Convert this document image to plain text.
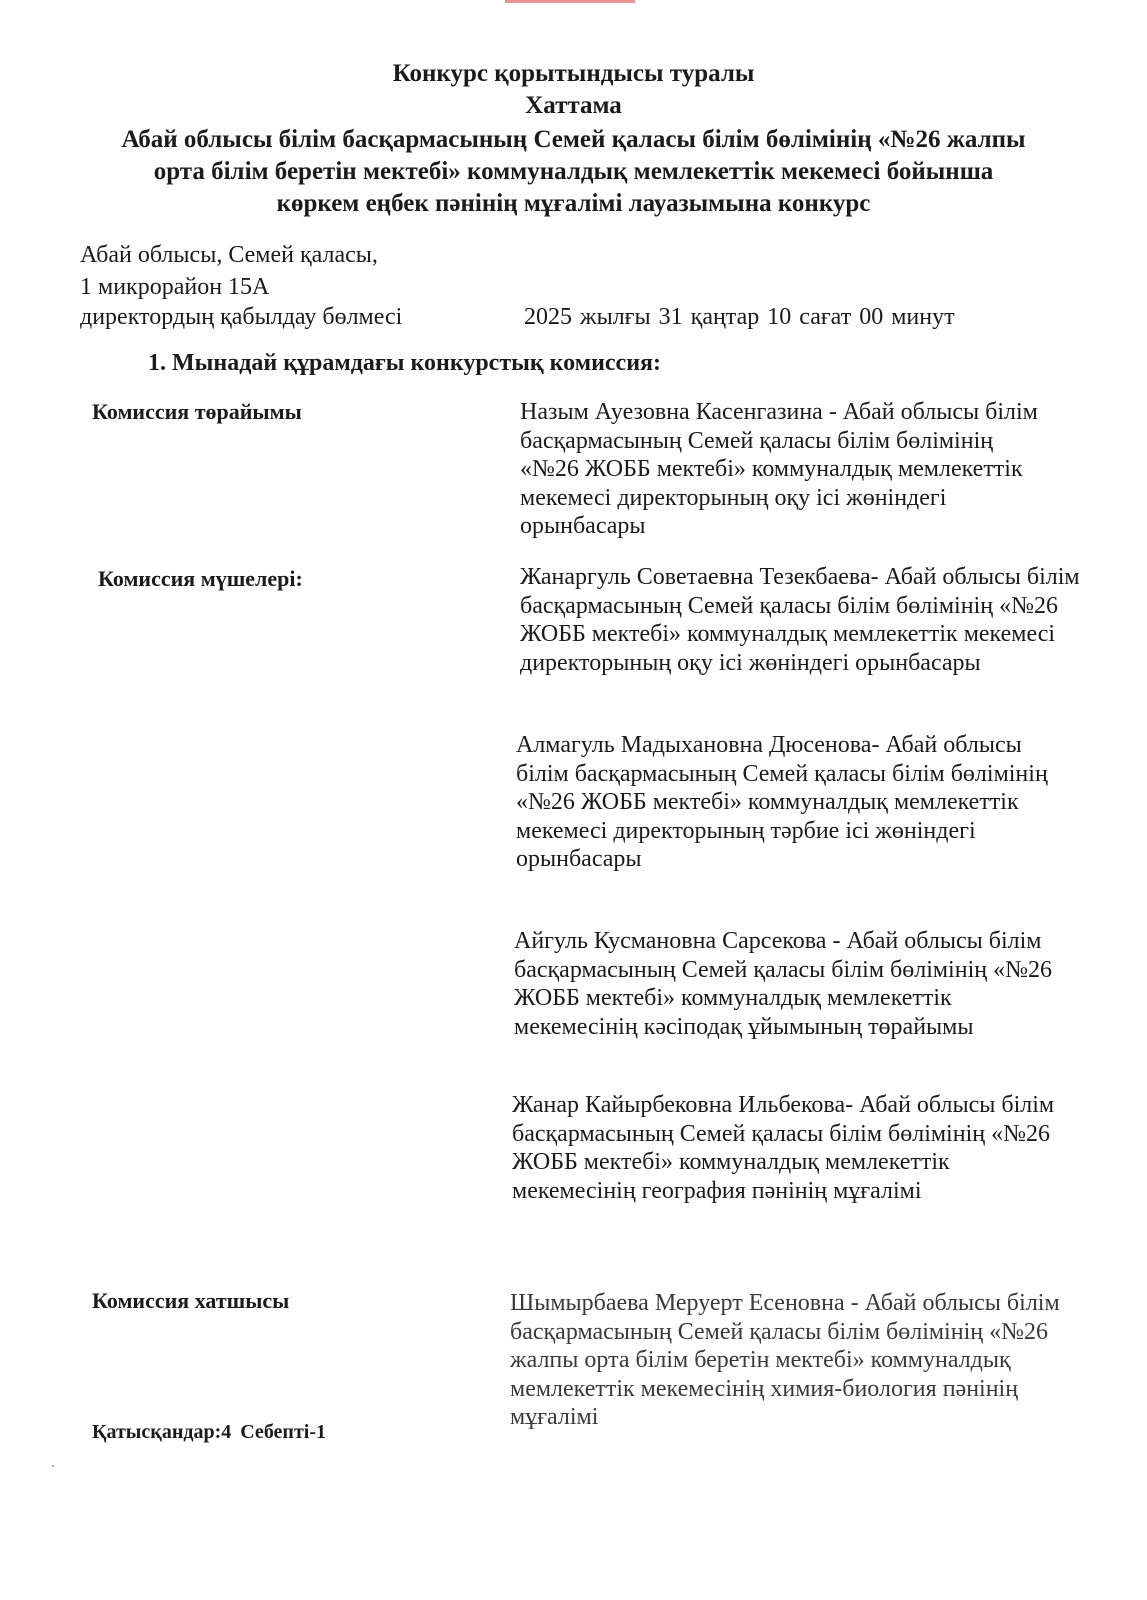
Конкурс қорытындысы туралы
Хаттама
Абай облысы білім басқармасының Семей қаласы білім бөлімінің «№26 жалпы
орта білім беретін мектебі» коммуналдық мемлекеттік мекемесі бойынша
көркем еңбек пәнінің мұғалімі лауазымына конкурс
Абай облысы, Семей қаласы,
1 микрорайон 15А
директордың қабылдау бөлмесі	2025 жылғы 31 қаңтар 10 сағат 00 минут
1. Мынадай құрамдағы конкурстық комиссия:
Комиссия төрайымы	Назым Ауезовна Касенгазина - Абай облысы білім басқармасының Семей қаласы білім бөлімінің «№26 ЖОББ мектебі» коммуналдық мемлекеттік мекемесі директорының оқу ісі жөніндегі орынбасары

Комиссия мүшелері:	Жанаргуль Советаевна Тезекбаева- Абай облысы білім басқармасының Семей қаласы білім бөлімінің «№26 ЖОББ мектебі» коммуналдық мемлекеттік мекемесі директорының оқу ісі жөніндегі орынбасары

Алмагуль Мадыхановна Дюсенова- Абай облысы білім басқармасының Семей қаласы білім бөлімінің «№26 ЖОББ мектебі» коммуналдық мемлекеттік мекемесі директорының тәрбие ісі жөніндегі орынбасары

Айгуль Кусмановна Сарсекова - Абай облысы білім басқармасының Семей қаласы білім бөлімінің «№26 ЖОББ мектебі» коммуналдық мемлекеттік мекемесінің кәсіподақ ұйымының төрайымы

Жанар Кайырбековна Ильбекова- Абай облысы білім басқармасының Семей қаласы білім бөлімінің «№26 ЖОББ мектебі» коммуналдық мемлекеттік мекемесінің география пәнінің мұғалімі

Комиссия хатшысы	Шымырбаева Меруерт Есеновна - Абай облысы білім басқармасының Семей қаласы білім бөлімінің «№26 жалпы орта білім беретін мектебі» коммуналдық мемлекеттік мекемесінің химия-биология пәнінің мұғалімі

Қатысқандар:4 Себепті-1
